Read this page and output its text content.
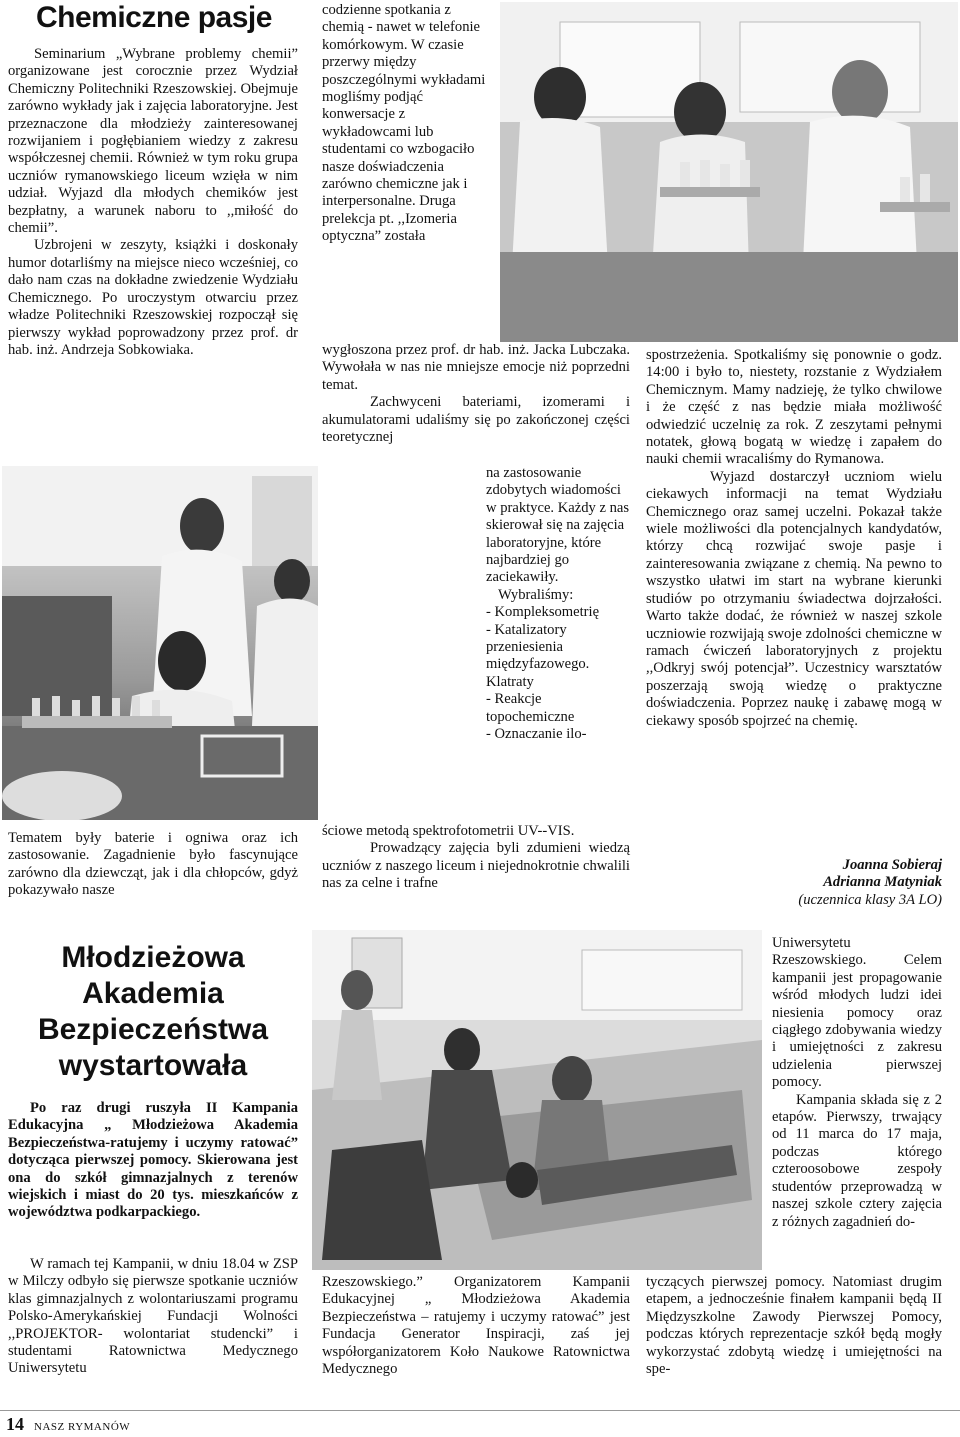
Chemiczne pasje

Seminarium „Wybrane problemy chemii” organizowane jest corocznie przez Wydział Chemiczny Politechniki Rzeszowskiej. Obejmuje zarówno wykłady jak i zajęcia laboratoryjne. Jest przeznaczone dla młodzieży zainteresowanej rozwijaniem i pogłębianiem wiedzy z zakresu współczesnej chemii. Również w tym roku grupa uczniów rymanowskiego liceum wzięła w nim udział. Wyjazd dla młodych chemików jest bezpłatny, a warunek naboru to ,,miłość do chemii”.

Uzbrojeni w zeszyty, książki i doskonały humor dotarliśmy na miejsce nieco wcześniej, co dało nam czas na dokładne zwiedzenie Wydziału Chemicznego. Po uroczystym otwarciu przez władze Politechniki Rzeszowskiej rozpoczął się pierwszy wykład poprowadzony przez prof. dr hab. inż. Andrzeja Sobkowiaka.

Tematem były baterie i ogniwa oraz ich zastosowanie. Zagadnienie było fascynujące zarówno dla dziewcząt, jak i dla chłopców, gdyż pokazywało nasze

codzienne spotkania z chemią - nawet w telefonie komórkowym. W czasie przerwy między poszczególnymi wykładami mogliśmy podjąć konwersacje z wykładowcami lub studentami co wzbogaciło nasze doświadczenia zarówno chemiczne jak i interpersonalne. Druga prelekcja pt. ,,Izomeria optyczna” została

wygłoszona przez prof. dr hab. inż. Jacka Lubczaka. Wywołała w nas nie mniejsze emocje niż poprzedni temat.

Zachwyceni bateriami, izomerami i akumulatorami udaliśmy się po zakończonej części teoretycznej

na zastosowanie zdobytych wiadomości w praktyce. Każdy z nas skierował się na zajęcia laboratoryjne, które najbardziej go zaciekawiły.

Wybraliśmy:

- Kompleksometrię

- Katalizatory przeniesienia międzyfazowego. Klatraty

- Reakcje topochemiczne

- Oznaczanie ilo-

ściowe metodą spektrofotometrii UV--VIS.

Prowadzący zajęcia byli zdumieni wiedzą uczniów z naszego liceum i niejednokrotnie chwalili nas za celne i trafne

spostrzeżenia. Spotkaliśmy się ponownie o godz. 14:00 i było to, niestety, rozstanie z Wydziałem Chemicznym. Mamy nadzieję, że tylko chwilowe i że część z nas będzie miała możliwość odwiedzić uczelnię za rok. Z zeszytami pełnymi notatek, głową bogatą w wiedzę i zapałem do nauki chemii wracaliśmy do Rymanowa.

Wyjazd dostarczył uczniom wielu ciekawych informacji na temat Wydziału Chemicznego oraz samej uczelni. Pokazał także wiele możliwości dla potencjalnych kandydatów, którzy chcą rozwijać swoje pasje i zainteresowania związane z chemią. Na pewno to wszystko ułatwi im start na wybrane kierunki studiów po otrzymaniu świadectwa dojrzałości. Warto także dodać, że również w naszej szkole uczniowie rozwijają swoje zdolności chemiczne w ramach ćwiczeń laboratoryjnych z projektu ,,Odkryj swój potencjał”. Uczestnicy warsztatów poszerzają swoją wiedzę o praktyczne doświadczenia. Poprzez naukę i zabawę mogą w ciekawy sposób spojrzeć na chemię.

Joanna Sobieraj
Adrianna Matyniak
(uczennica klasy 3A LO)
Młodzieżowa
Akademia
Bezpieczeństwa
wystartowała

Po raz drugi ruszyła II Kampania Edukacyjna „ Młodzieżowa Akademia Bezpieczeństwa-ratujemy i uczymy ratować” dotycząca pierwszej pomocy. Skierowana jest ona do szkół gimnazjalnych z terenów wiejskich i miast do 20 tys. mieszkańców z województwa podkarpackiego.

W ramach tej Kampanii, w dniu 18.04 w ZSP w Milczy odbyło się pierwsze spotkanie uczniów klas gimnazjalnych z wolontariuszami programu Polsko-Amerykańskiej Fundacji Wolności ,,PROJEKTOR- wolontariat studencki” i studentami Ratownictwa Medycznego Uniwersytetu

Rzeszowskiego.” Organizatorem Kampanii Edukacyjnej „ Młodzieżowa Akademia Bezpieczeństwa – ratujemy i uczymy ratować” jest Fundacja Generator Inspiracji, zaś jej współorganizatorem Koło Naukowe Ratownictwa Medycznego

Uniwersytetu Rzeszowskiego. Celem kampanii jest propagowanie wśród młodych ludzi idei niesienia pomocy oraz ciągłego zdobywania wiedzy i umiejętności z zakresu udzielenia pierwszej pomocy.

Kampania składa się z 2 etapów. Pierwszy, trwający od 11 marca do 17 maja, podczas którego czteroosobowe zespoły studentów przeprowadzą w naszej szkole cztery zajęcia z różnych zagadnień do-

tyczących pierwszej pomocy. Natomiast drugim etapem, a jednocześnie finałem kampanii będą II Międzyszkolne Zawody Pierwszej Pomocy, podczas których reprezentacje szkół będą mogły wykorzystać zdobytą wiedzę i umiejętności na spe-

14 NASZ RYMANÓW
